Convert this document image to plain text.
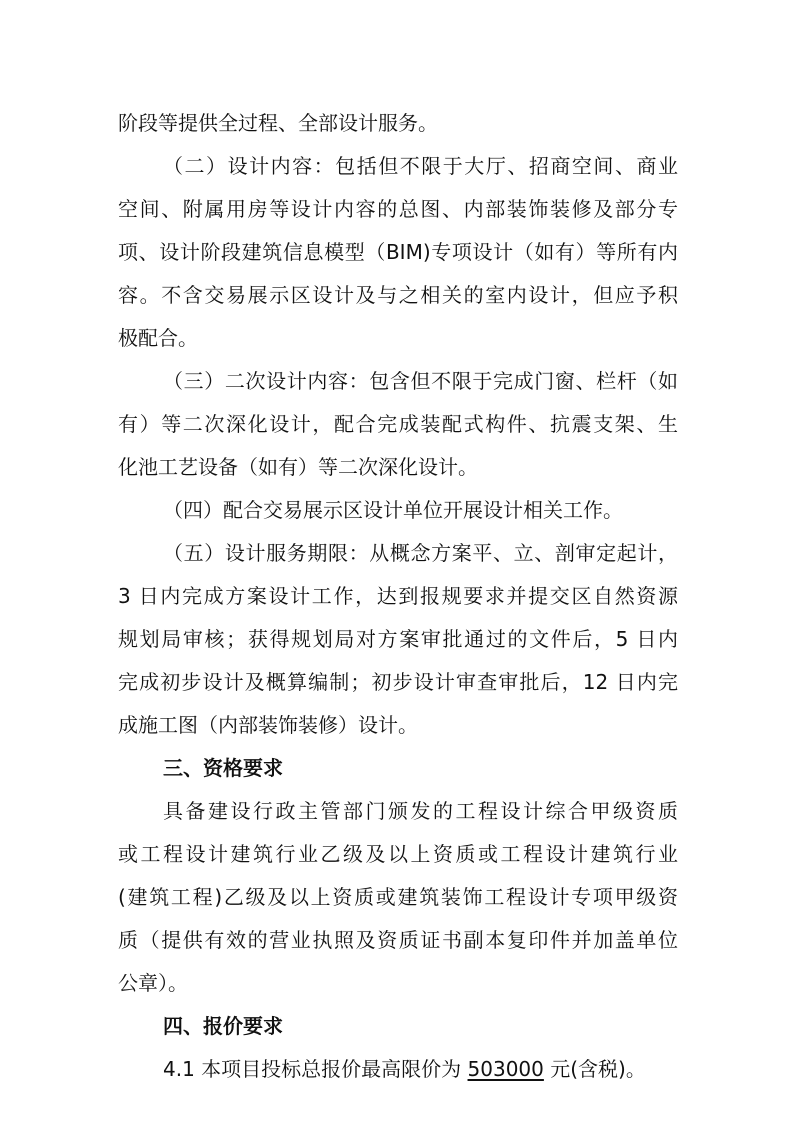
阶段等提供全过程、全部设计服务。
（二）设计内容：包括但不限于大厅、招商空间、商业
空间、附属用房等设计内容的总图、内部装饰装修及部分专
项、设计阶段建筑信息模型（BIM)专项设计（如有）等所有内
容。不含交易展示区设计及与之相关的室内设计，但应予积
极配合。
（三）二次设计内容：包含但不限于完成门窗、栏杆（如
有）等二次深化设计，配合完成装配式构件、抗震支架、生
化池工艺设备（如有）等二次深化设计。
（四）配合交易展示区设计单位开展设计相关工作。
（五）设计服务期限：从概念方案平、立、剖审定起计，
3 日内完成方案设计工作，达到报规要求并提交区自然资源
规划局审核；获得规划局对方案审批通过的文件后，5 日内
完成初步设计及概算编制；初步设计审查审批后，12 日内完
成施工图（内部装饰装修）设计。
三、资格要求
具备建设行政主管部门颁发的工程设计综合甲级资质
或工程设计建筑行业乙级及以上资质或工程设计建筑行业
(建筑工程)乙级及以上资质或建筑装饰工程设计专项甲级资
质（提供有效的营业执照及资质证书副本复印件并加盖单位
公章）。
四、报价要求
4.1 本项目投标总报价最高限价为 503000 元(含税)。
